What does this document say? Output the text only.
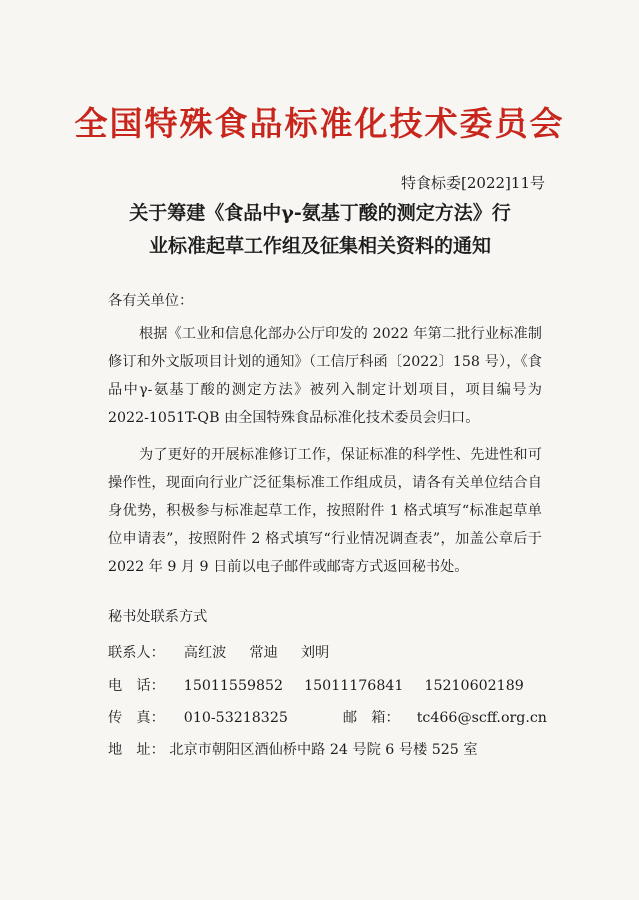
全国特殊食品标准化技术委员会
特食标委[2022]11号
关于筹建《食品中γ-氨基丁酸的测定方法》行
业标准起草工作组及征集相关资料的通知
各有关单位：
根据《工业和信息化部办公厅印发的 2022 年第二批行业标准制修订和外文版项目计划的通知》（工信厅科函〔2022〕158 号），《食品中γ-氨基丁酸的测定方法》被列入制定计划项目，项目编号为 2022-1051T-QB 由全国特殊食品标准化技术委员会归口。
为了更好的开展标准修订工作，保证标准的科学性、先进性和可操作性，现面向行业广泛征集标准工作组成员，请各有关单位结合自身优势，积极参与标准起草工作，按照附件 1 格式填写“标准起草单位申请表”，按照附件 2 格式填写“行业情况调查表”，加盖公章后于 2022 年 9 月 9 日前以电子邮件或邮寄方式返回秘书处。
秘书处联系方式
联系人： 高红波 常迪 刘明
电　话： 15011559852 15011176841 15210602189
传　真： 010-53218325	邮　箱： tc466@scff.org.cn
地　址： 北京市朝阳区酒仙桥中路 24 号院 6 号楼 525 室
